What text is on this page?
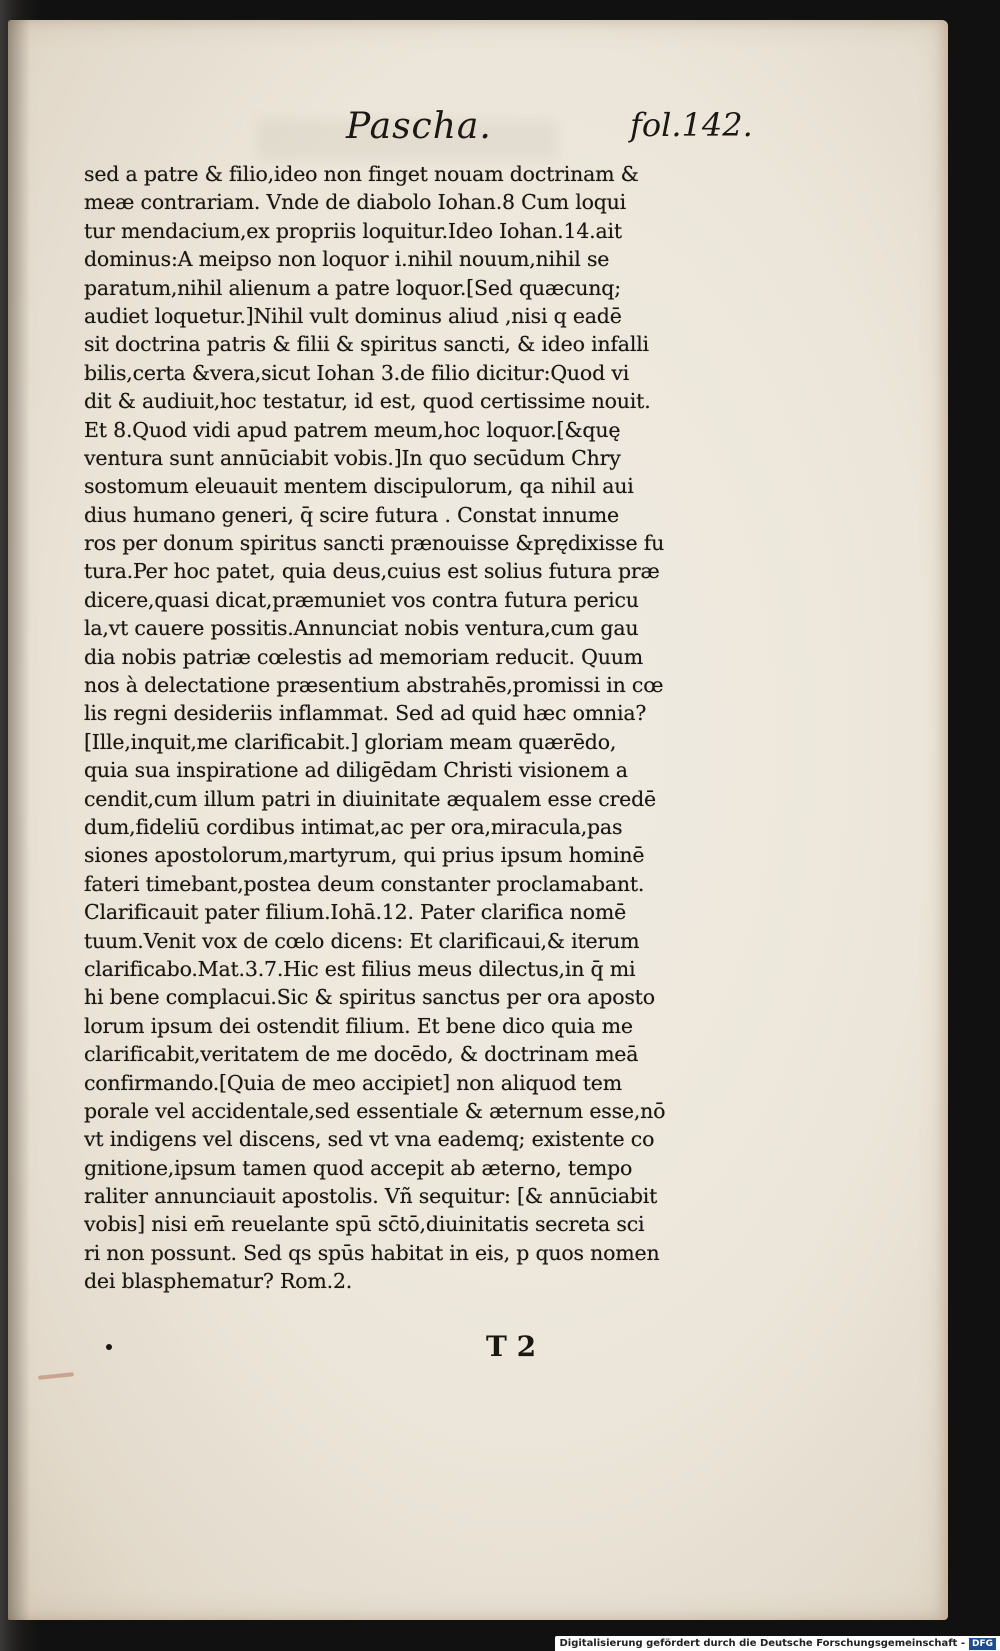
Pascha.	fol.142.
sed a patre & filio,ideo non finget nouam doctrinam &
meæ contrariam. Vnde de diabolo Iohan.8 Cum loqui
tur mendacium,ex propriis loquitur.Ideo Iohan.14.ait
dominus:A meipso non loquor i.nihil nouum,nihil se
paratum,nihil alienum a patre loquor.[Sed quæcunq;
audiet loquetur.]Nihil vult dominus aliud ,nisi q eadē
sit doctrina patris & filii & spiritus sancti, & ideo infalli
bilis,certa &vera,sicut Iohan 3.de filio dicitur:Quod vi
dit & audiuit,hoc testatur, id est, quod certissime nouit.
Et 8.Quod vidi apud patrem meum,hoc loquor.[&quę
ventura sunt annūciabit vobis.]In quo secūdum Chry
sostomum eleuauit mentem discipulorum, qa nihil aui
dius humano generi, q̄ scire futura . Constat innume
ros per donum spiritus sancti prænouisse &prędixisse fu
tura.Per hoc patet, quia deus,cuius est solius futura præ
dicere,quasi dicat,præmuniet vos contra futura pericu
la,vt cauere possitis.Annunciat nobis ventura,cum gau
dia nobis patriæ cœlestis ad memoriam reducit. Quum
nos à delectatione præsentium abstrahēs,promissi in cœ
lis regni desideriis inflammat. Sed ad quid hæc omnia?
[Ille,inquit,me clarificabit.] gloriam meam quærēdo,
quia sua inspiratione ad diligēdam Christi visionem a
cendit,cum illum patri in diuinitate æqualem esse credē
dum,fideliū cordibus intimat,ac per ora,miracula,pas
siones apostolorum,martyrum, qui prius ipsum hominē
fateri timebant,postea deum constanter proclamabant.
Clarificauit pater filium.Iohā.12. Pater clarifica nomē
tuum.Venit vox de cœlo dicens: Et clarificaui,& iterum
clarificabo.Mat.3.7.Hic est filius meus dilectus,in q̄ mi
hi bene complacui.Sic & spiritus sanctus per ora aposto
lorum ipsum dei ostendit filium. Et bene dico quia me
clarificabit,veritatem de me docēdo, & doctrinam meā
confirmando.[Quia de meo accipiet] non aliquod tem
porale vel accidentale,sed essentiale & æternum esse,nō
vt indigens vel discens, sed vt vna eademq; existente co
gnitione,ipsum tamen quod accepit ab æterno, tempo
raliter annunciauit apostolis. Vñ sequitur: [& annūciabit
vobis] nisi em̄ reuelante spū sc̄tō,diuinitatis secreta sci
ri non possunt. Sed qs spūs habitat in eis, p quos nomen
dei blasphematur? Rom.2.
T 2
Digitalisierung gefördert durch die Deutsche Forschungsgemeinschaft - DFG
